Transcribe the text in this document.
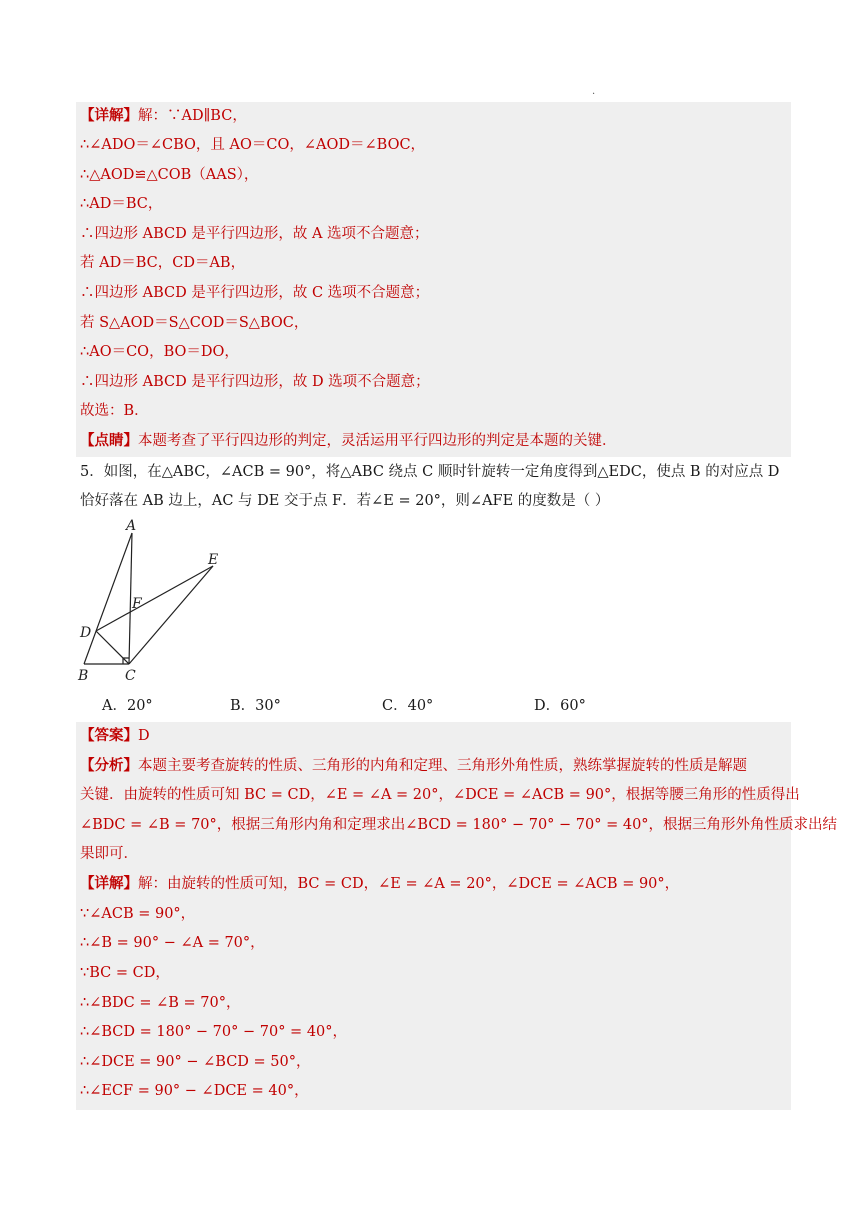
.
【详解】解：∵AD∥BC，
∴∠ADO＝∠CBO，且 AO＝CO，∠AOD＝∠BOC，
∴△AOD≌△COB（AAS），
∴AD＝BC，
∴四边形 ABCD 是平行四边形，故 A 选项不合题意；
若 AD＝BC，CD＝AB，
∴四边形 ABCD 是平行四边形，故 C 选项不合题意；
若 S△AOD＝S△COD＝S△BOC，
∴AO＝CO，BO＝DO，
∴四边形 ABCD 是平行四边形，故 D 选项不合题意；
故选：B．
【点睛】本题考查了平行四边形的判定，灵活运用平行四边形的判定是本题的关键．
5．如图，在△ABC，∠ACB = 90°，将△ABC 绕点 C 顺时针旋转一定角度得到△EDC，使点 B 的对应点 D
恰好落在 AB 边上，AC 与 DE 交于点 F．若∠E = 20°，则∠AFE 的度数是（ ）
A
E
F
D
B	C
A．20°	B．30°	C．40°	D．60°
【答案】D
【分析】本题主要考查旋转的性质、三角形的内角和定理、三角形外角性质，熟练掌握旋转的性质是解题
关键．由旋转的性质可知 BC = CD，∠E = ∠A = 20°，∠DCE = ∠ACB = 90°，根据等腰三角形的性质得出
∠BDC = ∠B = 70°，根据三角形内角和定理求出∠BCD = 180° − 70° − 70° = 40°，根据三角形外角性质求出结
果即可．
【详解】解：由旋转的性质可知，BC = CD，∠E = ∠A = 20°，∠DCE = ∠ACB = 90°，
∵∠ACB = 90°，
∴∠B = 90° − ∠A = 70°，
∵BC = CD，
∴∠BDC = ∠B = 70°，
∴∠BCD = 180° − 70° − 70° = 40°，
∴∠DCE = 90° − ∠BCD = 50°，
∴∠ECF = 90° − ∠DCE = 40°，
